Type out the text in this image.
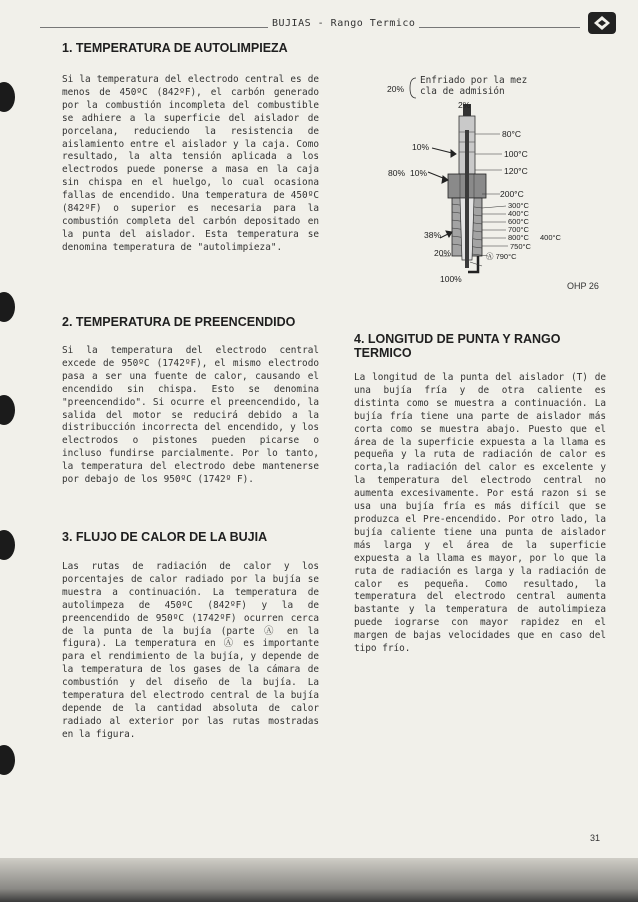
BUJIAS - Rango Termico
1. TEMPERATURA DE AUTOLIMPIEZA

Si la temperatura del electrodo central es de menos de 450ºC (842ºF), el carbón generado por la combustión incompleta del combustible se adhiere a la superficie del aislador de porcelana, reduciendo la resistencia de aislamiento entre el aislador y la caja. Como resultado, la alta tensión aplicada a los electrodos puede ponerse a masa en la caja sin chispa en el huelgo, lo cual ocasiona fallas de encendido. Una temperatura de 450ºC (842ºF) o superior es necesaria para la combustión completa del carbón depositado en la punta del aislador. Esta temperatura se denomina temperatura de "autolimpieza".

2. TEMPERATURA DE PREENCENDIDO

Si la temperatura del electrodo central excede de 950ºC (1742ºF), el mismo electrodo pasa a ser una fuente de calor, causando el encendido sin chispa. Esto se denomina "preencendido". Si ocurre el preencendido, la salida del motor se reducirá debido a la distribucción incorrecta del encendido, y los electrodos o pistones pueden picarse o incluso fundirse parcialmente. Por lo tanto, la temperatura del electrodo debe mantenerse por debajo de los 950ºC (1742º F).

3. FLUJO DE CALOR DE LA BUJIA

Las rutas de radiación de calor y los porcentajes de calor radiado por la bujía se muestra a continuación. La temperatura de autolimpeza de 450ºC (842ºF) y la de preencendido de 950ºC (1742ºF) ocurren cerca de la punta de la bujía (parte Ⓐ en la figura). La temperatura en Ⓐ es importante para el rendimiento de la bujía, y depende de la temperatura de los gases de la cámara de combustión y del diseño de la bujía. La temperatura del electrodo central de la bujía depende de la cantidad absoluta de calor radiado al exterior por las rutas mostradas en la figura.

4. LONGITUD DE PUNTA Y RANGO TERMICO

La longitud de la punta del aislador (T) de una bujía fría y de otra caliente es distinta como se muestra a continuación. La bujía fría tiene una parte de aislador más corta como se muestra abajo. Puesto que el área de la superficie expuesta a la llama es pequeña y la ruta de radiación de calor es corta,la radiación del calor es excelente y la temperatura del electrodo central no aumenta excesivamente. Por está razon si se usa una bujía fría es más difícil que se produzca el Pre-encendido. Por otro lado, la bujía caliente tiene una punta de aislador más larga y el área de la superficie expuesta a la llama es mayor, por lo que la ruta de radiación es larga y la radiación de calor es pequeña. Como resultado, la temperatura del electrodo central aumenta bastante y la temperatura de autolimpieza puede iograrse con mayor rapidez en el margen de bajas velocidades que en caso del tipo frío.

Enfriado por la mez
cla de admisión
20%
2%
10%
80% 10%
38%
20%
100%
80°C
100°C
120°C
200°C
300°C
400°C
600°C
700°C
800°C 400°C
750°C
Ⓐ 790°C
OHP 26
31
